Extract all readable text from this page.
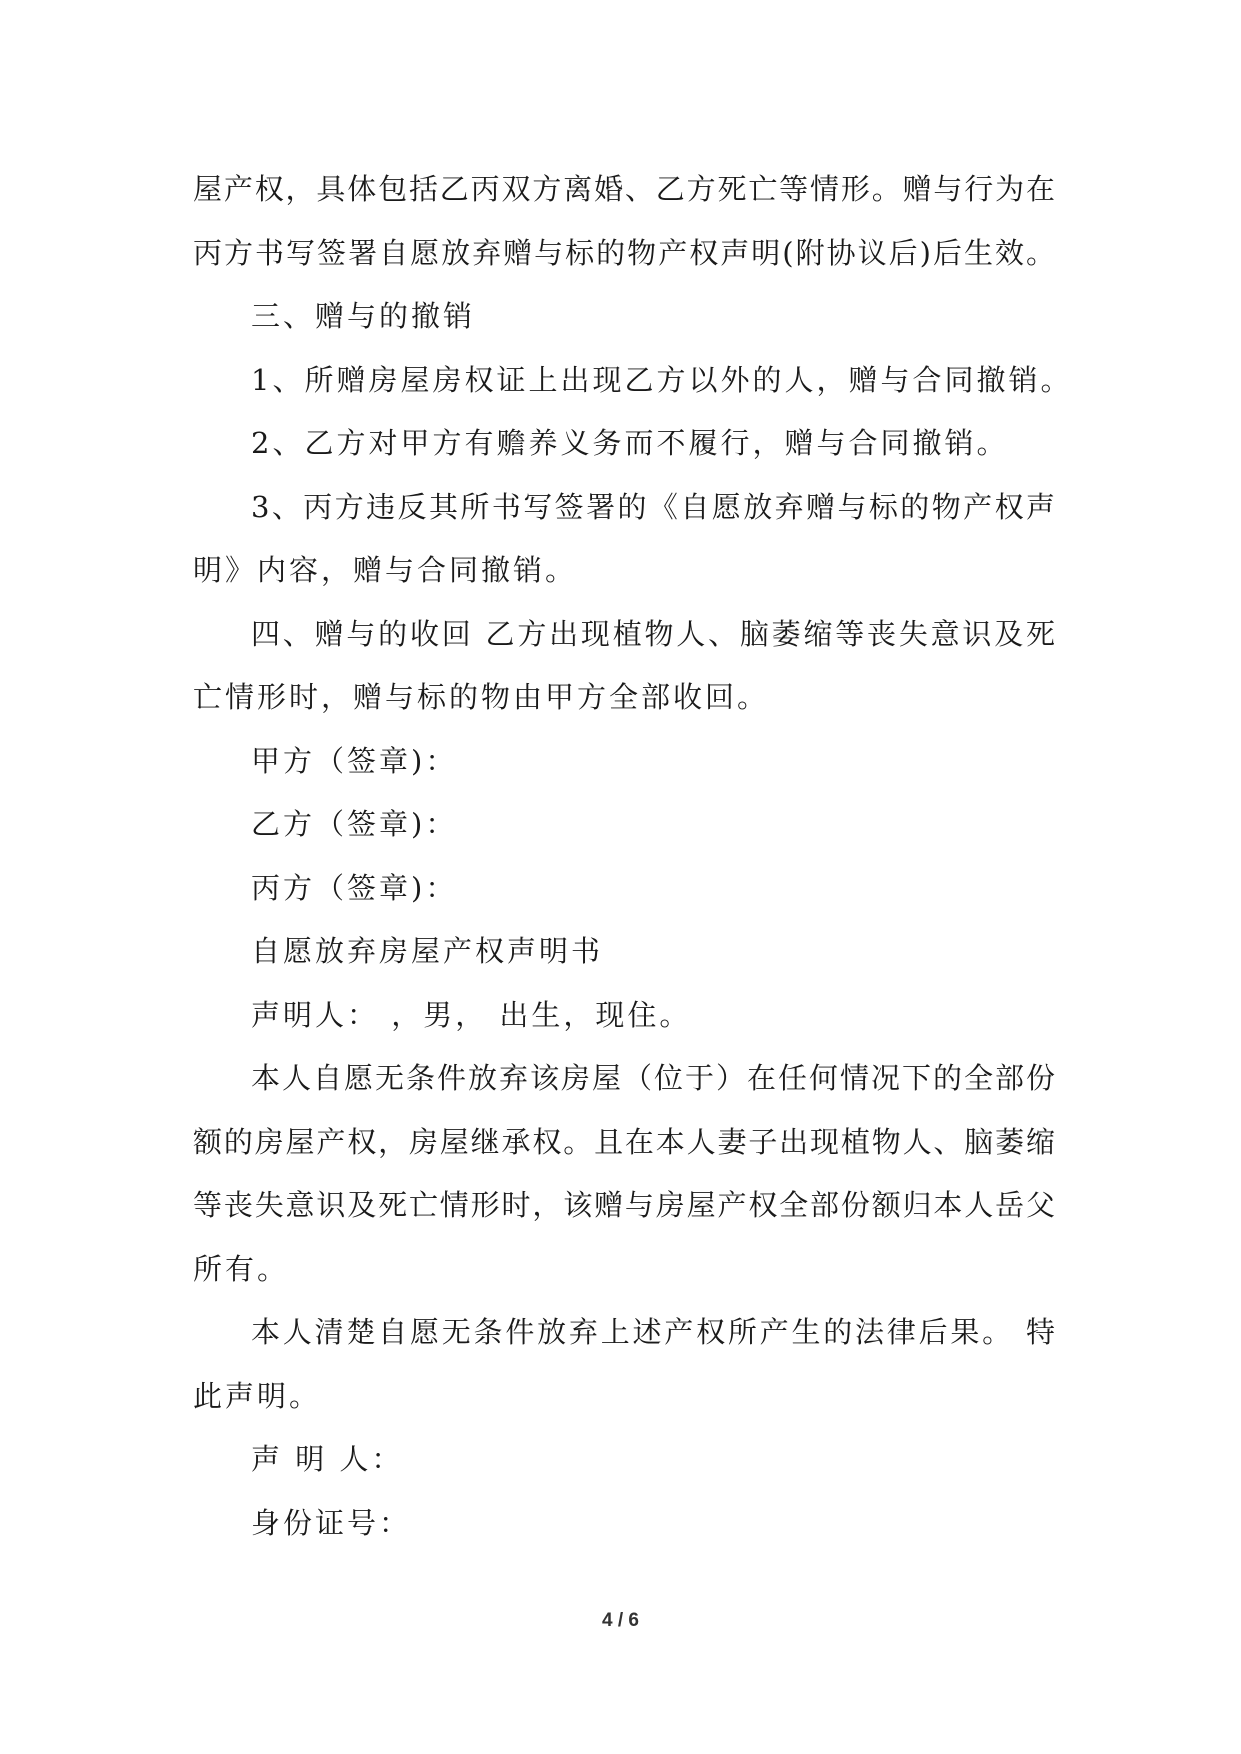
屋产权，具体包括乙丙双方离婚、乙方死亡等情形。赠与行为在
丙方书写签署自愿放弃赠与标的物产权声明(附协议后)后生效。
三、赠与的撤销
1、所赠房屋房权证上出现乙方以外的人，赠与合同撤销。
2、乙方对甲方有赡养义务而不履行，赠与合同撤销。
3、丙方违反其所书写签署的《自愿放弃赠与标的物产权声
明》内容，赠与合同撤销。
四、赠与的收回 乙方出现植物人、脑萎缩等丧失意识及死
亡情形时，赠与标的物由甲方全部收回。
甲方（签章)：
乙方（签章)：
丙方（签章)：
自愿放弃房屋产权声明书
声明人： ，男， 出生，现住。
本人自愿无条件放弃该房屋（位于）在任何情况下的全部份
额的房屋产权，房屋继承权。且在本人妻子出现植物人、脑萎缩
等丧失意识及死亡情形时，该赠与房屋产权全部份额归本人岳父
所有。
本人清楚自愿无条件放弃上述产权所产生的法律后果。 特
此声明。
声 明 人：
身份证号：
4 / 6
